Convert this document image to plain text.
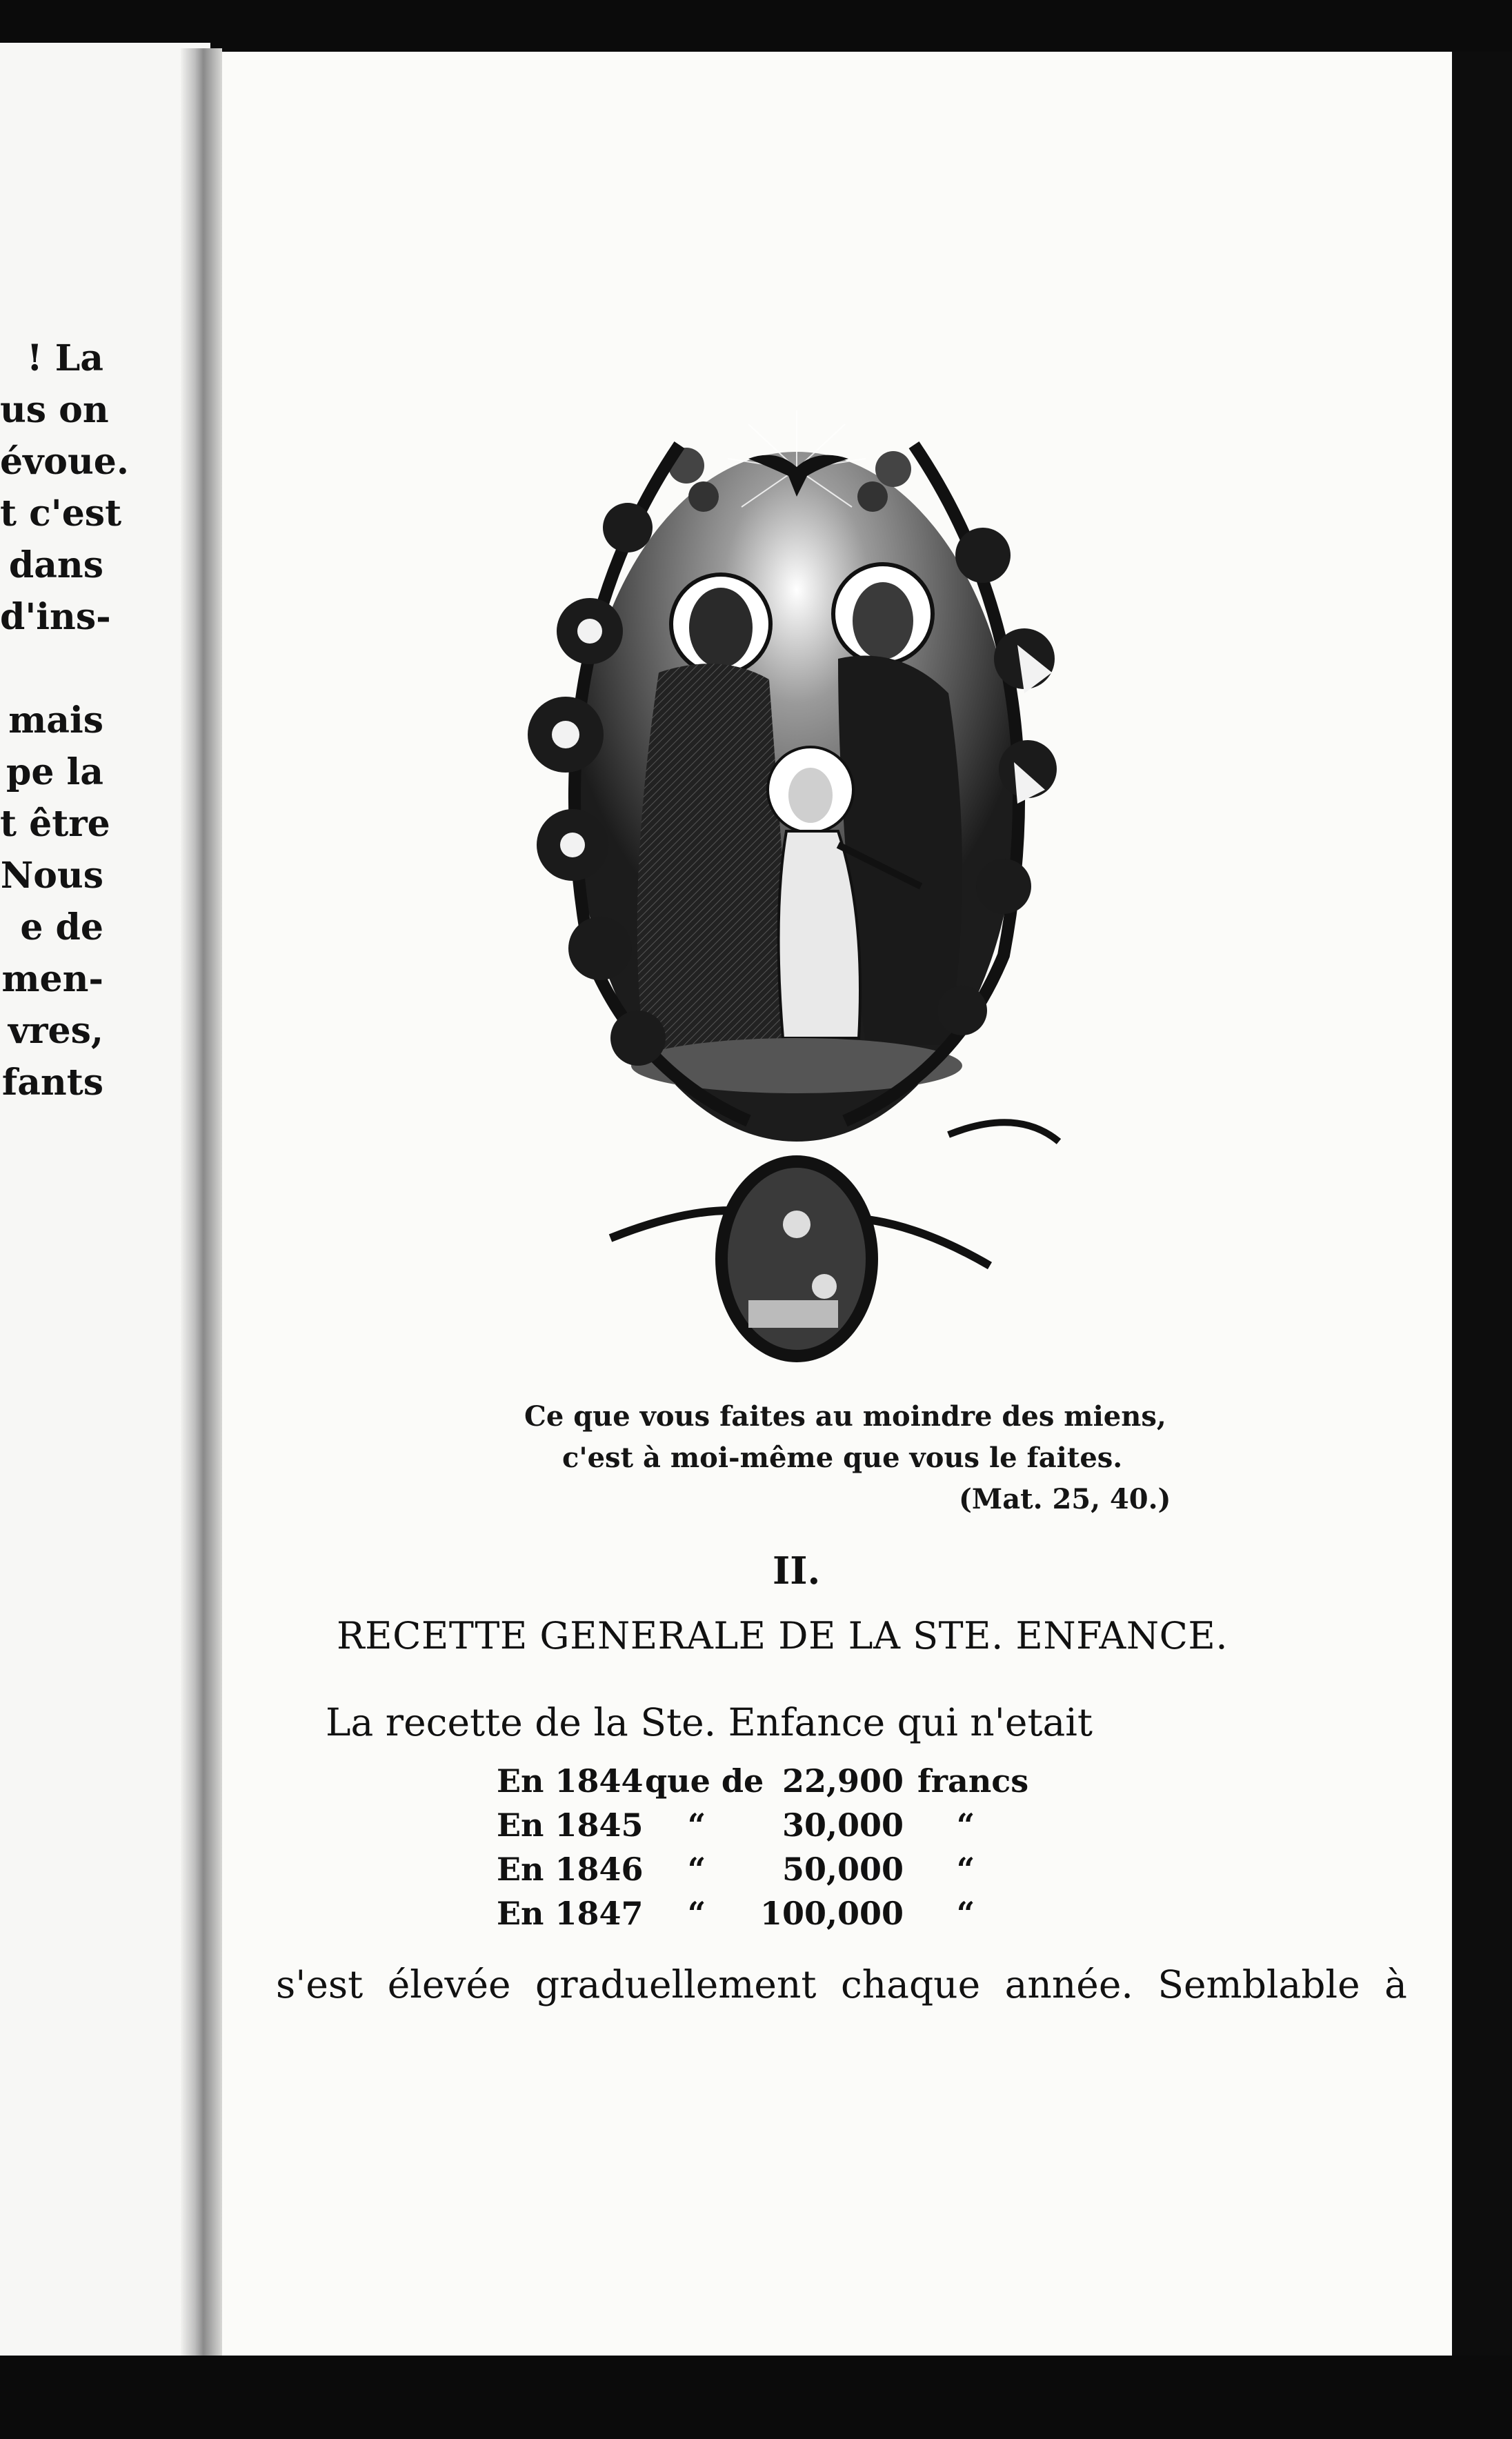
! La
us on
évoue.
t c'est
dans
d'ins-
mais
pe la
t être
Nous
e de
men-
vres,
fants
Ce que vous faites au moindre des miens,
c'est à moi-même que vous le faites.
(Mat. 25, 40.)
II.
RECETTE GENERALE DE LA STE. ENFANCE.
La recette de la Ste. Enfance qui n'etait
En 1844 que de 22,900 francs
En 1845	“	30,000	“
En 1846	“	50,000	“
En 1847	“	100,000	“
s'est élevée graduellement chaque année. Semblable à
